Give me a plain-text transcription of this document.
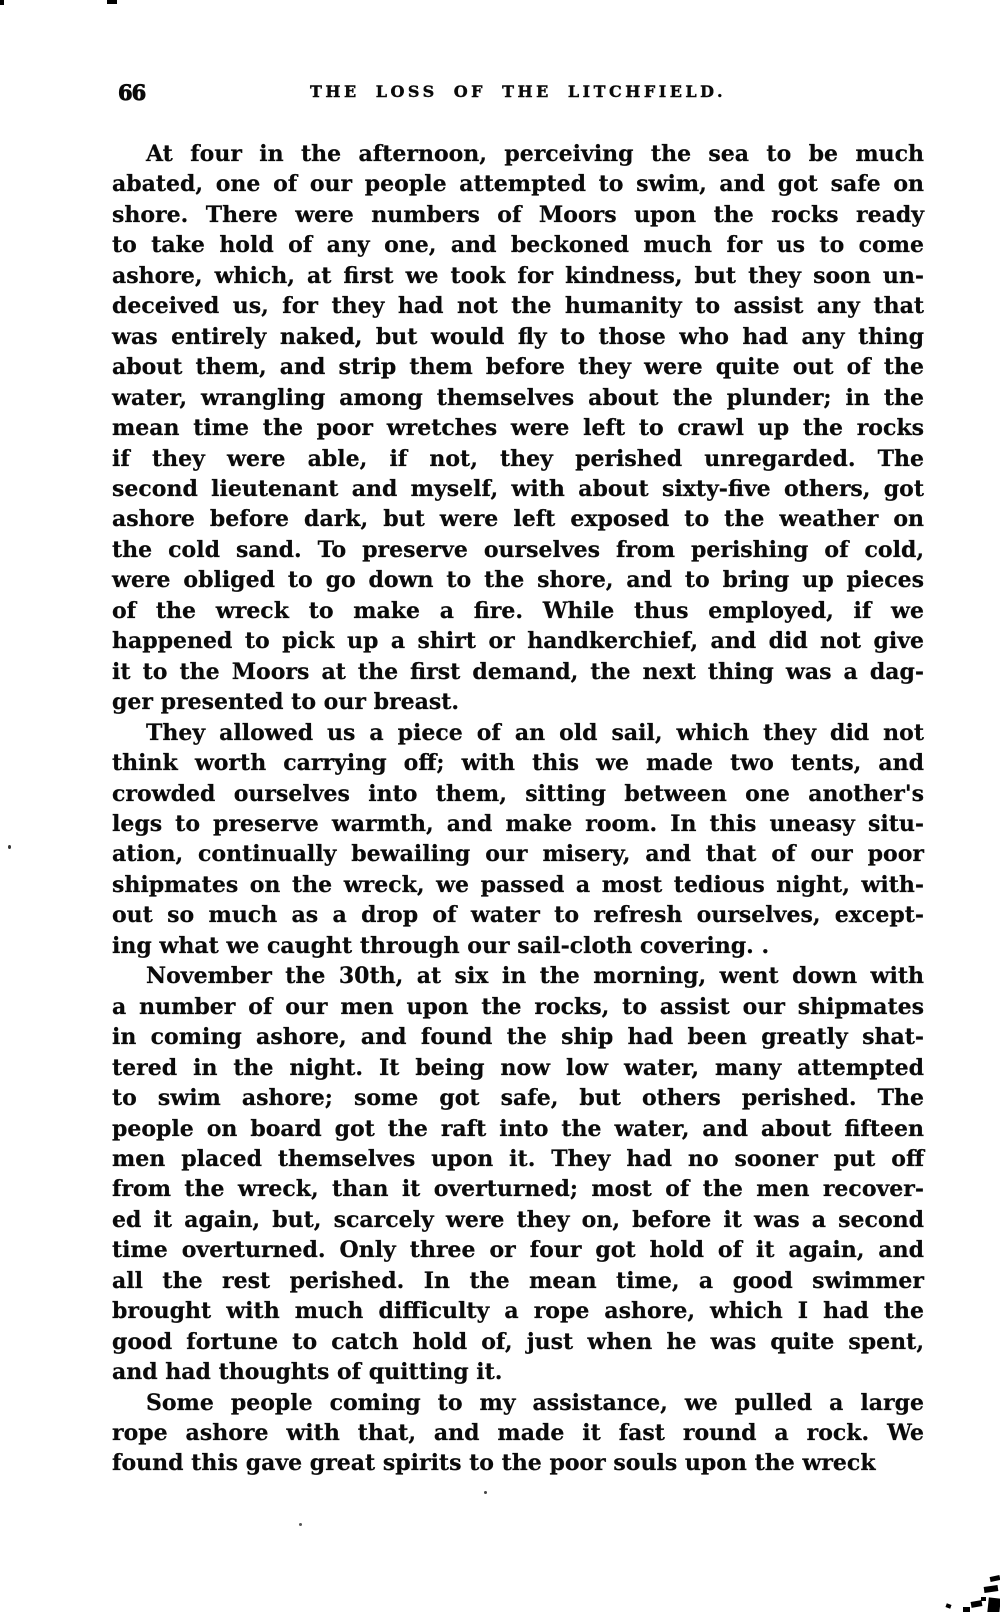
66	THE LOSS OF THE LITCHFIELD.
At four in the afternoon, perceiving the sea to be much
abated, one of our people attempted to swim, and got safe on
shore. There were numbers of Moors upon the rocks ready
to take hold of any one, and beckoned much for us to come
ashore, which, at first we took for kindness, but they soon un-
deceived us, for they had not the humanity to assist any that
was entirely naked, but would fly to those who had any thing
about them, and strip them before they were quite out of the
water, wrangling among themselves about the plunder; in the
mean time the poor wretches were left to crawl up the rocks
if they were able, if not, they perished unregarded. The
second lieutenant and myself, with about sixty-five others, got
ashore before dark, but were left exposed to the weather on
the cold sand. To preserve ourselves from perishing of cold,
were obliged to go down to the shore, and to bring up pieces
of the wreck to make a fire. While thus employed, if we
happened to pick up a shirt or handkerchief, and did not give
it to the Moors at the first demand, the next thing was a dag-
ger presented to our breast.
They allowed us a piece of an old sail, which they did not
think worth carrying off; with this we made two tents, and
crowded ourselves into them, sitting between one another's
legs to preserve warmth, and make room. In this uneasy situ-
ation, continually bewailing our misery, and that of our poor
shipmates on the wreck, we passed a most tedious night, with-
out so much as a drop of water to refresh ourselves, except-
ing what we caught through our sail-cloth covering. .
November the 30th, at six in the morning, went down with
a number of our men upon the rocks, to assist our shipmates
in coming ashore, and found the ship had been greatly shat-
tered in the night. It being now low water, many attempted
to swim ashore; some got safe, but others perished. The
people on board got the raft into the water, and about fifteen
men placed themselves upon it. They had no sooner put off
from the wreck, than it overturned; most of the men recover-
ed it again, but, scarcely were they on, before it was a second
time overturned. Only three or four got hold of it again, and
all the rest perished. In the mean time, a good swimmer
brought with much difficulty a rope ashore, which I had the
good fortune to catch hold of, just when he was quite spent,
and had thoughts of quitting it.
Some people coming to my assistance, we pulled a large
rope ashore with that, and made it fast round a rock. We
found this gave great spirits to the poor souls upon the wreck
